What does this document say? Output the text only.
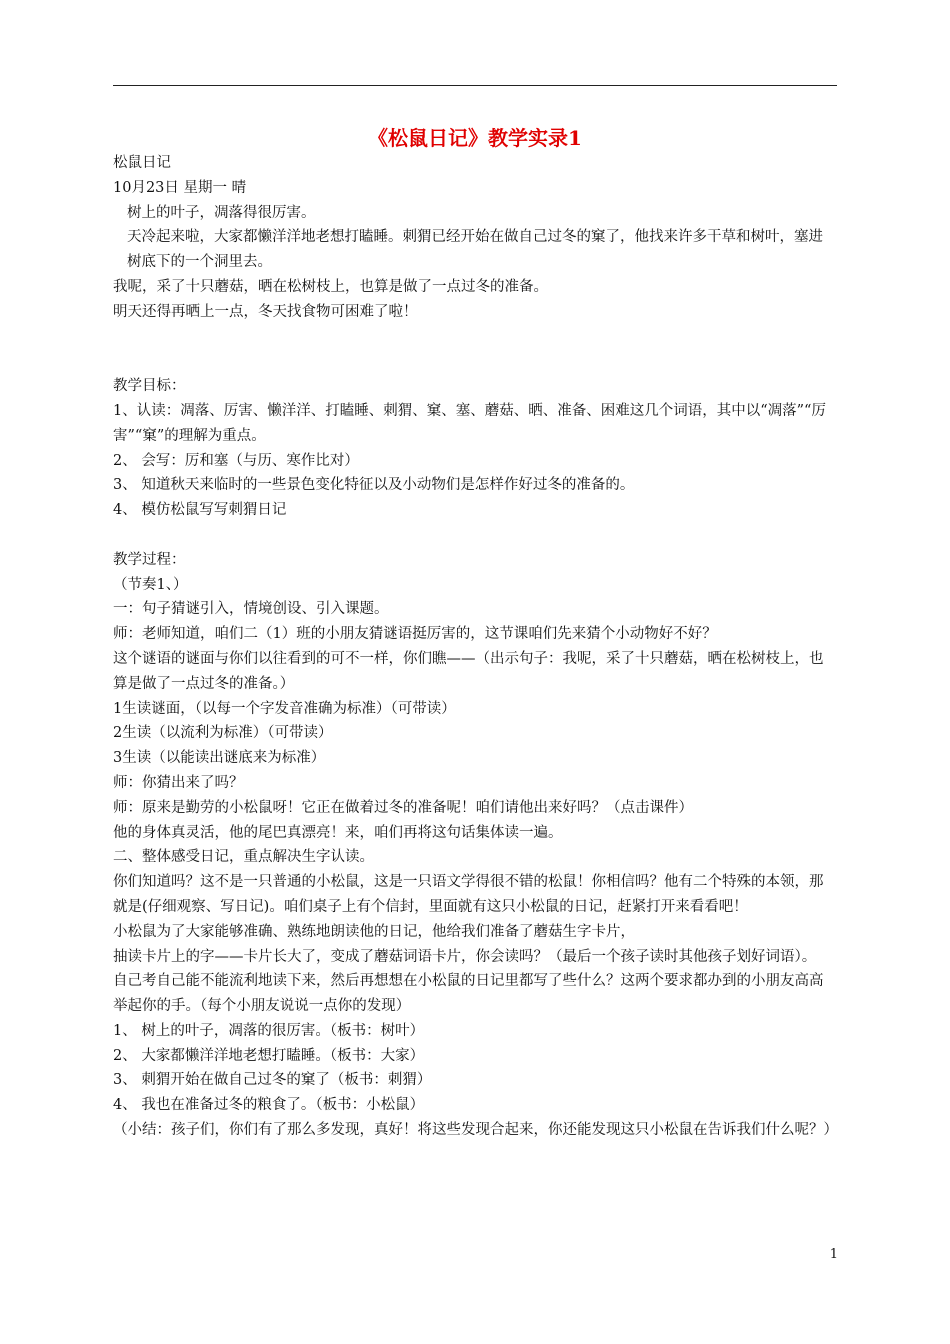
《松鼠日记》教学实录1

松鼠日记

10月23日 星期一 晴

树上的叶子，凋落得很厉害。

天冷起来啦，大家都懒洋洋地老想打瞌睡。刺猬已经开始在做自己过冬的窠了，他找来许多干草和树叶，塞进树底下的一个洞里去。

我呢，采了十只蘑菇，晒在松树枝上，也算是做了一点过冬的准备。

明天还得再晒上一点，冬天找食物可困难了啦！

教学目标：

1、认读：凋落、厉害、懒洋洋、打瞌睡、刺猬、窠、塞、蘑菇、晒、准备、困难这几个词语，其中以“凋落”“厉害”“窠”的理解为重点。

2、 会写：厉和塞（与历、寒作比对）

3、 知道秋天来临时的一些景色变化特征以及小动物们是怎样作好过冬的准备的。

4、 模仿松鼠写写刺猬日记

教学过程：

（节奏1、）

一：句子猜谜引入，情境创设、引入课题。

师：老师知道，咱们二（1）班的小朋友猜谜语挺厉害的，这节课咱们先来猜个小动物好不好？

这个谜语的谜面与你们以往看到的可不一样，你们瞧——（出示句子：我呢，采了十只蘑菇，晒在松树枝上，也算是做了一点过冬的准备。）

1生读谜面，（以每一个字发音准确为标准）（可带读）

2生读（以流利为标准）（可带读）

3生读（以能读出谜底来为标准）

师：你猜出来了吗？

师：原来是勤劳的小松鼠呀！它正在做着过冬的准备呢！咱们请他出来好吗？（点击课件）

他的身体真灵活，他的尾巴真漂亮！来，咱们再将这句话集体读一遍。

二、整体感受日记，重点解决生字认读。

你们知道吗？这不是一只普通的小松鼠，这是一只语文学得很不错的松鼠！你相信吗？他有二个特殊的本领，那就是(仔细观察、写日记)。咱们桌子上有个信封，里面就有这只小松鼠的日记，赶紧打开来看看吧！

小松鼠为了大家能够准确、熟练地朗读他的日记，他给我们准备了蘑菇生字卡片，

抽读卡片上的字——卡片长大了，变成了蘑菇词语卡片，你会读吗？（最后一个孩子读时其他孩子划好词语）。

自己考自己能不能流利地读下来，然后再想想在小松鼠的日记里都写了些什么？这两个要求都办到的小朋友高高举起你的手。（每个小朋友说说一点你的发现）

1、 树上的叶子，凋落的很厉害。（板书：树叶）

2、 大家都懒洋洋地老想打瞌睡。（板书：大家）

3、 刺猬开始在做自己过冬的窠了（板书：刺猬）

4、 我也在准备过冬的粮食了。（板书：小松鼠）

（小结：孩子们，你们有了那么多发现，真好！将这些发现合起来，你还能发现这只小松鼠在告诉我们什么呢？）

1
